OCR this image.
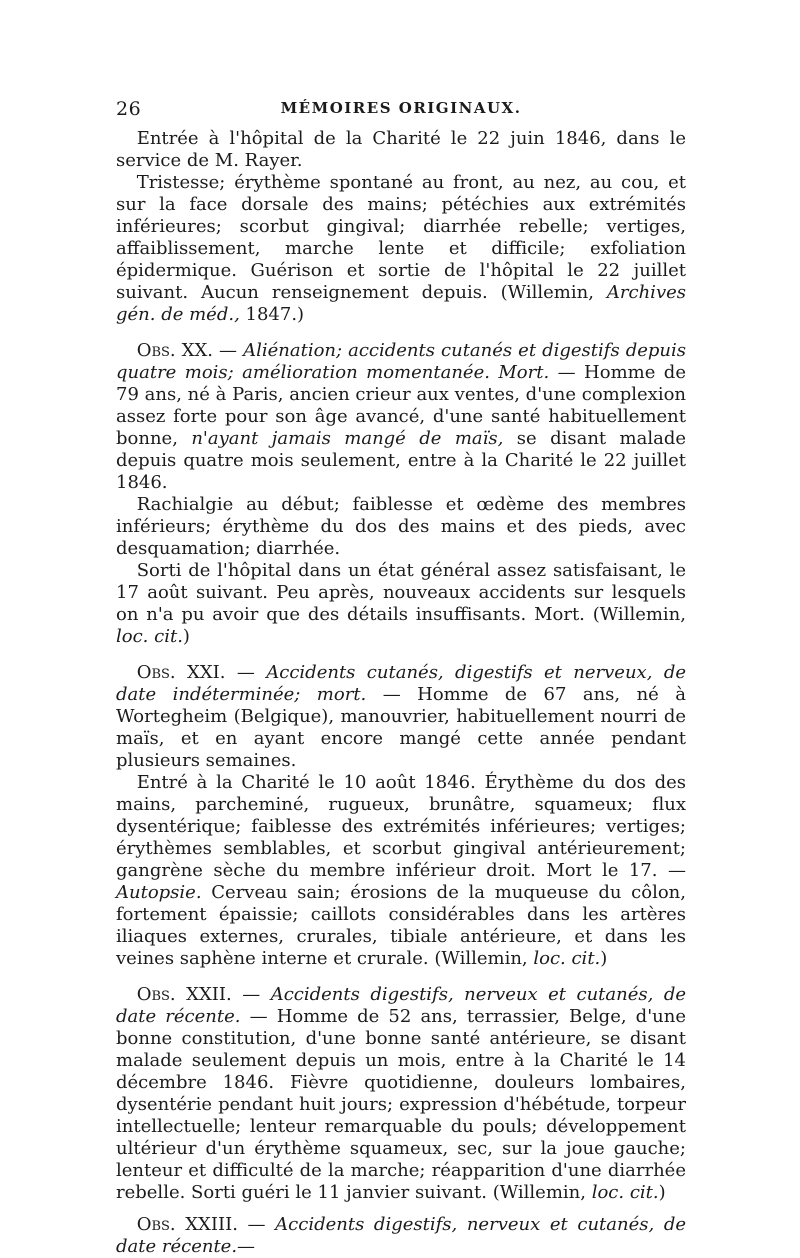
26	MÉMOIRES ORIGINAUX.

Entrée à l'hôpital de la Charité le 22 juin 1846, dans le service de M. Rayer.

Tristesse; érythème spontané au front, au nez, au cou, et sur la face dorsale des mains; pétéchies aux extrémités inférieures; scorbut gingival; diarrhée rebelle; vertiges, affaiblissement, marche lente et difficile; exfoliation épidermique. Guérison et sortie de l'hôpital le 22 juillet suivant. Aucun renseignement depuis. (Willemin, Archives gén. de méd., 1847.)

Obs. XX. — Aliénation; accidents cutanés et digestifs depuis quatre mois; amélioration momentanée. Mort. — Homme de 79 ans, né à Paris, ancien crieur aux ventes, d'une complexion assez forte pour son âge avancé, d'une santé habituellement bonne, n'ayant jamais mangé de maïs, se disant malade depuis quatre mois seulement, entre à la Charité le 22 juillet 1846.

Rachialgie au début; faiblesse et œdème des membres inférieurs; érythème du dos des mains et des pieds, avec desquamation; diarrhée.

Sorti de l'hôpital dans un état général assez satisfaisant, le 17 août suivant. Peu après, nouveaux accidents sur lesquels on n'a pu avoir que des détails insuffisants. Mort. (Willemin, loc. cit.)

Obs. XXI. — Accidents cutanés, digestifs et nerveux, de date indéterminée; mort. — Homme de 67 ans, né à Wortegheim (Belgique), manouvrier, habituellement nourri de maïs, et en ayant encore mangé cette année pendant plusieurs semaines.

Entré à la Charité le 10 août 1846. Érythème du dos des mains, parcheminé, rugueux, brunâtre, squameux; flux dysentérique; faiblesse des extrémités inférieures; vertiges; érythèmes semblables, et scorbut gingival antérieurement; gangrène sèche du membre inférieur droit. Mort le 17. — Autopsie. Cerveau sain; érosions de la muqueuse du côlon, fortement épaissie; caillots considérables dans les artères iliaques externes, crurales, tibiale antérieure, et dans les veines saphène interne et crurale. (Willemin, loc. cit.)

Obs. XXII. — Accidents digestifs, nerveux et cutanés, de date récente. — Homme de 52 ans, terrassier, Belge, d'une bonne constitution, d'une bonne santé antérieure, se disant malade seulement depuis un mois, entre à la Charité le 14 décembre 1846. Fièvre quotidienne, douleurs lombaires, dysentérie pendant huit jours; expression d'hébétude, torpeur intellectuelle; lenteur remarquable du pouls; développement ultérieur d'un érythème squameux, sec, sur la joue gauche; lenteur et difficulté de la marche; réapparition d'une diarrhée rebelle. Sorti guéri le 11 janvier suivant. (Willemin, loc. cit.)

Obs. XXIII. — Accidents digestifs, nerveux et cutanés, de date récente.—
